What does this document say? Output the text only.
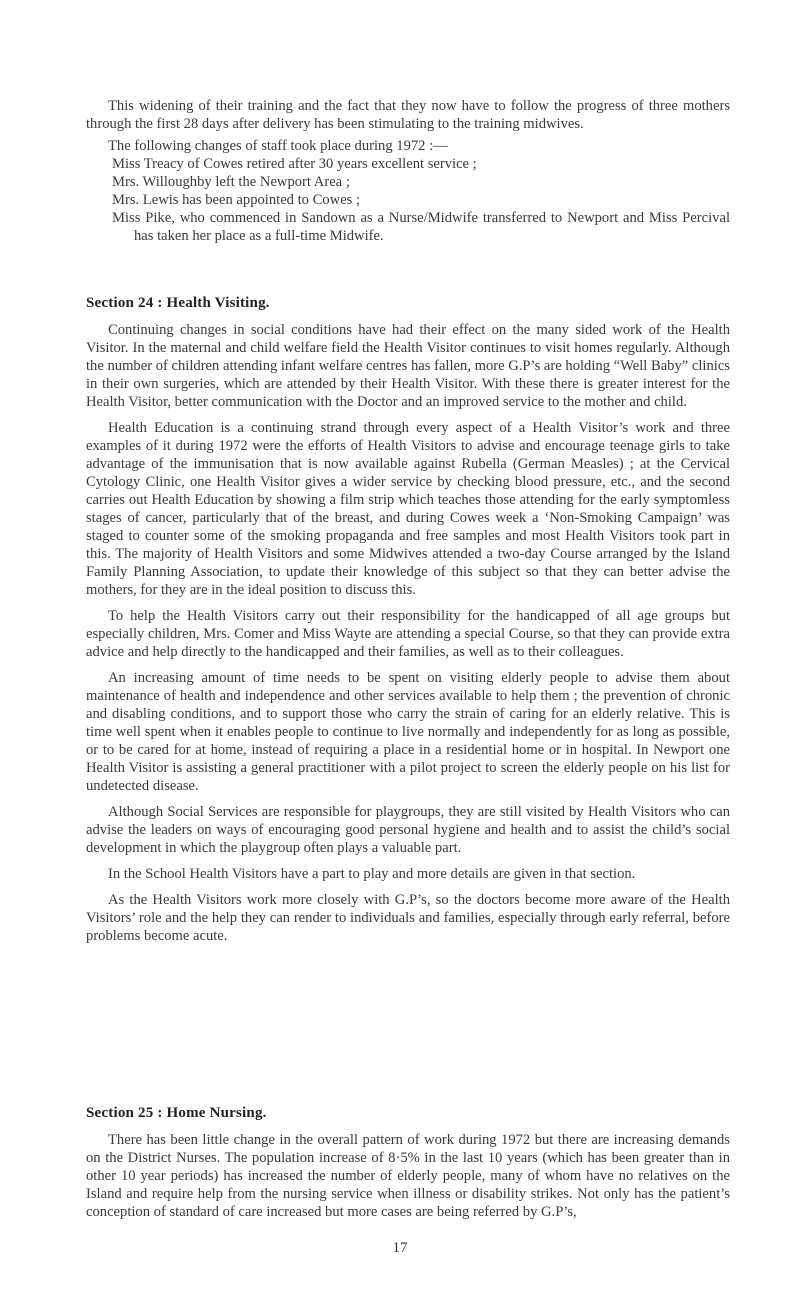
This widening of their training and the fact that they now have to follow the progress of three mothers through the first 28 days after delivery has been stimulating to the training midwives.

The following changes of staff took place during 1972 :—

Miss Treacy of Cowes retired after 30 years excellent service ;
Mrs. Willoughby left the Newport Area ;
Mrs. Lewis has been appointed to Cowes ;
Miss Pike, who commenced in Sandown as a Nurse/Midwife transferred to Newport and Miss Percival has taken her place as a full-time Midwife.
Section 24 : Health Visiting.

Continuing changes in social conditions have had their effect on the many sided work of the Health Visitor. In the maternal and child welfare field the Health Visitor continues to visit homes regularly. Although the number of children attending infant welfare centres has fallen, more G.P’s are holding “Well Baby” clinics in their own surgeries, which are attended by their Health Visitor. With these there is greater interest for the Health Visitor, better communication with the Doctor and an improved service to the mother and child.

Health Education is a continuing strand through every aspect of a Health Visitor’s work and three examples of it during 1972 were the efforts of Health Visitors to advise and encourage teenage girls to take advantage of the immunisation that is now available against Rubella (German Measles) ; at the Cervical Cytology Clinic, one Health Visitor gives a wider service by checking blood pressure, etc., and the second carries out Health Education by showing a film strip which teaches those attending for the early symptomless stages of cancer, particularly that of the breast, and during Cowes week a ‘Non-Smoking Campaign’ was staged to counter some of the smoking propaganda and free samples and most Health Visitors took part in this. The majority of Health Visitors and some Midwives attended a two-day Course arranged by the Island Family Planning Association, to update their knowledge of this subject so that they can better advise the mothers, for they are in the ideal position to discuss this.

To help the Health Visitors carry out their responsibility for the handicapped of all age groups but especially children, Mrs. Comer and Miss Wayte are attending a special Course, so that they can provide extra advice and help directly to the handicapped and their families, as well as to their colleagues.

An increasing amount of time needs to be spent on visiting elderly people to advise them about maintenance of health and independence and other services available to help them ; the prevention of chronic and disabling conditions, and to support those who carry the strain of caring for an elderly relative. This is time well spent when it enables people to continue to live normally and independently for as long as possible, or to be cared for at home, instead of requiring a place in a residential home or in hospital. In Newport one Health Visitor is assisting a general practitioner with a pilot project to screen the elderly people on his list for undetected disease.

Although Social Services are responsible for playgroups, they are still visited by Health Visitors who can advise the leaders on ways of encouraging good personal hygiene and health and to assist the child’s social development in which the playgroup often plays a valuable part.

In the School Health Visitors have a part to play and more details are given in that section.

As the Health Visitors work more closely with G.P’s, so the doctors become more aware of the Health Visitors’ role and the help they can render to individuals and families, especially through early referral, before problems become acute.

Section 25 : Home Nursing.

There has been little change in the overall pattern of work during 1972 but there are increasing demands on the District Nurses. The population increase of 8·5% in the last 10 years (which has been greater than in other 10 year periods) has increased the number of elderly people, many of whom have no relatives on the Island and require help from the nursing service when illness or disability strikes. Not only has the patient’s conception of standard of care increased but more cases are being referred by G.P’s,

17
